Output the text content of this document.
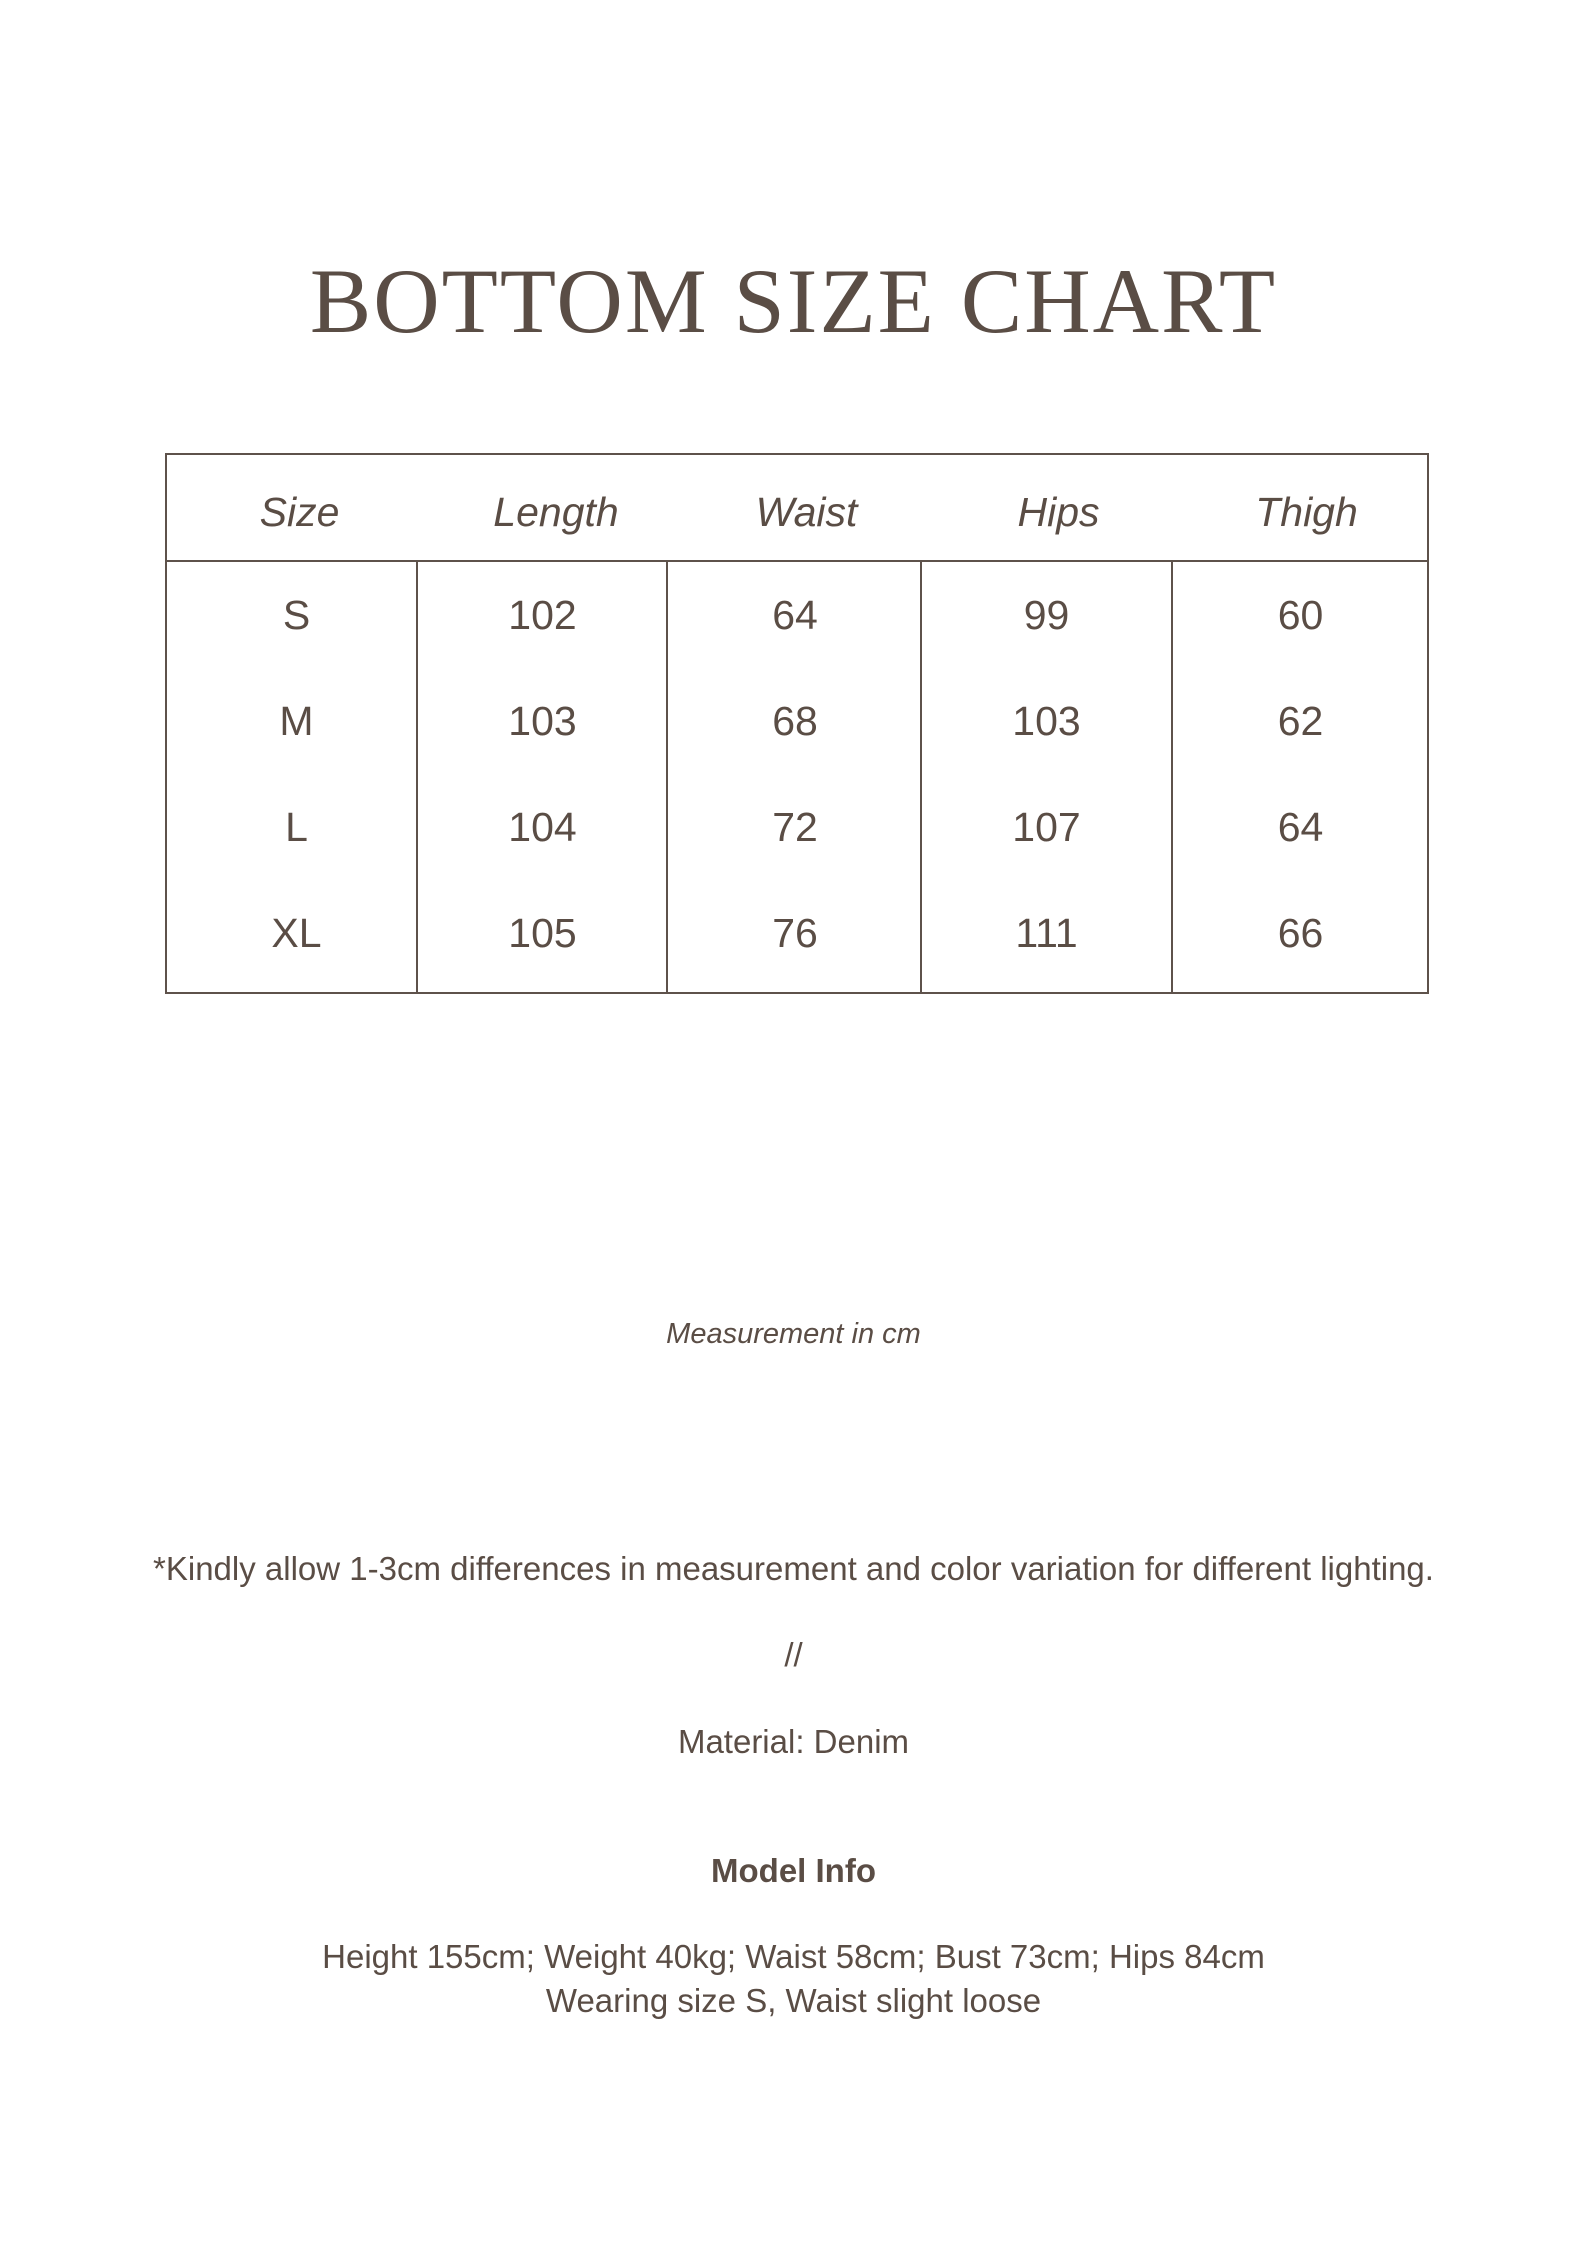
BOTTOM SIZE CHART
Size	Length	Waist	Hips	Thigh
S	102	64	99	60
M	103	68	103	62
L	104	72	107	64
XL	105	76	111	66
Measurement in cm
*Kindly allow 1-3cm differences in measurement and color variation for different lighting.
//
Material: Denim
Model Info
Height 155cm; Weight 40kg; Waist 58cm; Bust 73cm; Hips 84cm
Wearing size S, Waist slight loose
